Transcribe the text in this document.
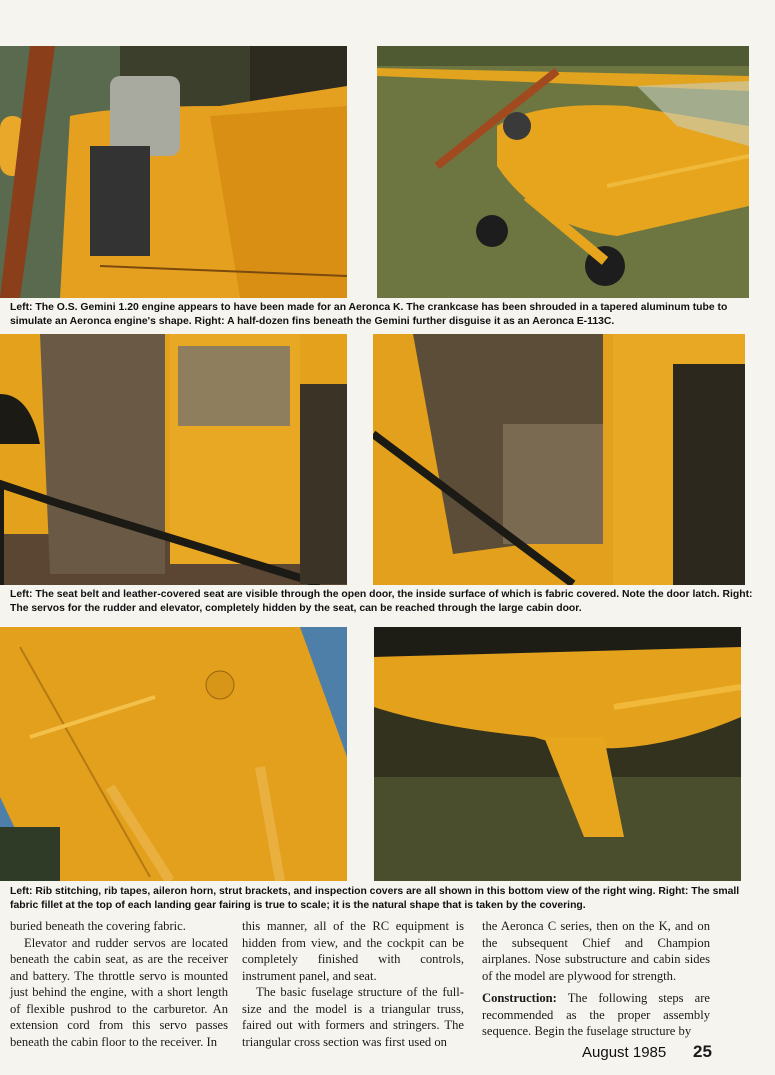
Left: The O.S. Gemini 1.20 engine appears to have been made for an Aeronca K. The crankcase has been shrouded in a tapered aluminum tube to simulate an Aeronca engine's shape. Right: A half-dozen fins beneath the Gemini further disguise it as an Aeronca E-113C.
Left: The seat belt and leather-covered seat are visible through the open door, the inside surface of which is fabric covered. Note the door latch. Right: The servos for the rudder and elevator, completely hidden by the seat, can be reached through the large cabin door.
Left: Rib stitching, rib tapes, aileron horn, strut brackets, and inspection covers are all shown in this bottom view of the right wing. Right: The small fabric fillet at the top of each landing gear fairing is true to scale; it is the natural shape that is taken by the covering.

buried beneath the covering fabric.

Elevator and rudder servos are located beneath the cabin seat, as are the receiver and battery. The throttle servo is mounted just behind the engine, with a short length of flexible pushrod to the carburetor. An extension cord from this servo passes beneath the cabin floor to the receiver. In

this manner, all of the RC equipment is hidden from view, and the cockpit can be completely finished with controls, instrument panel, and seat.

The basic fuselage structure of the full-size and the model is a triangular truss, faired out with formers and stringers. The triangular cross section was first used on

the Aeronca C series, then on the K, and on the subsequent Chief and Champion airplanes. Nose substructure and cabin sides of the model are plywood for strength.

Construction: The following steps are recommended as the proper assembly sequence. Begin the fuselage structure by

August 1985 25
